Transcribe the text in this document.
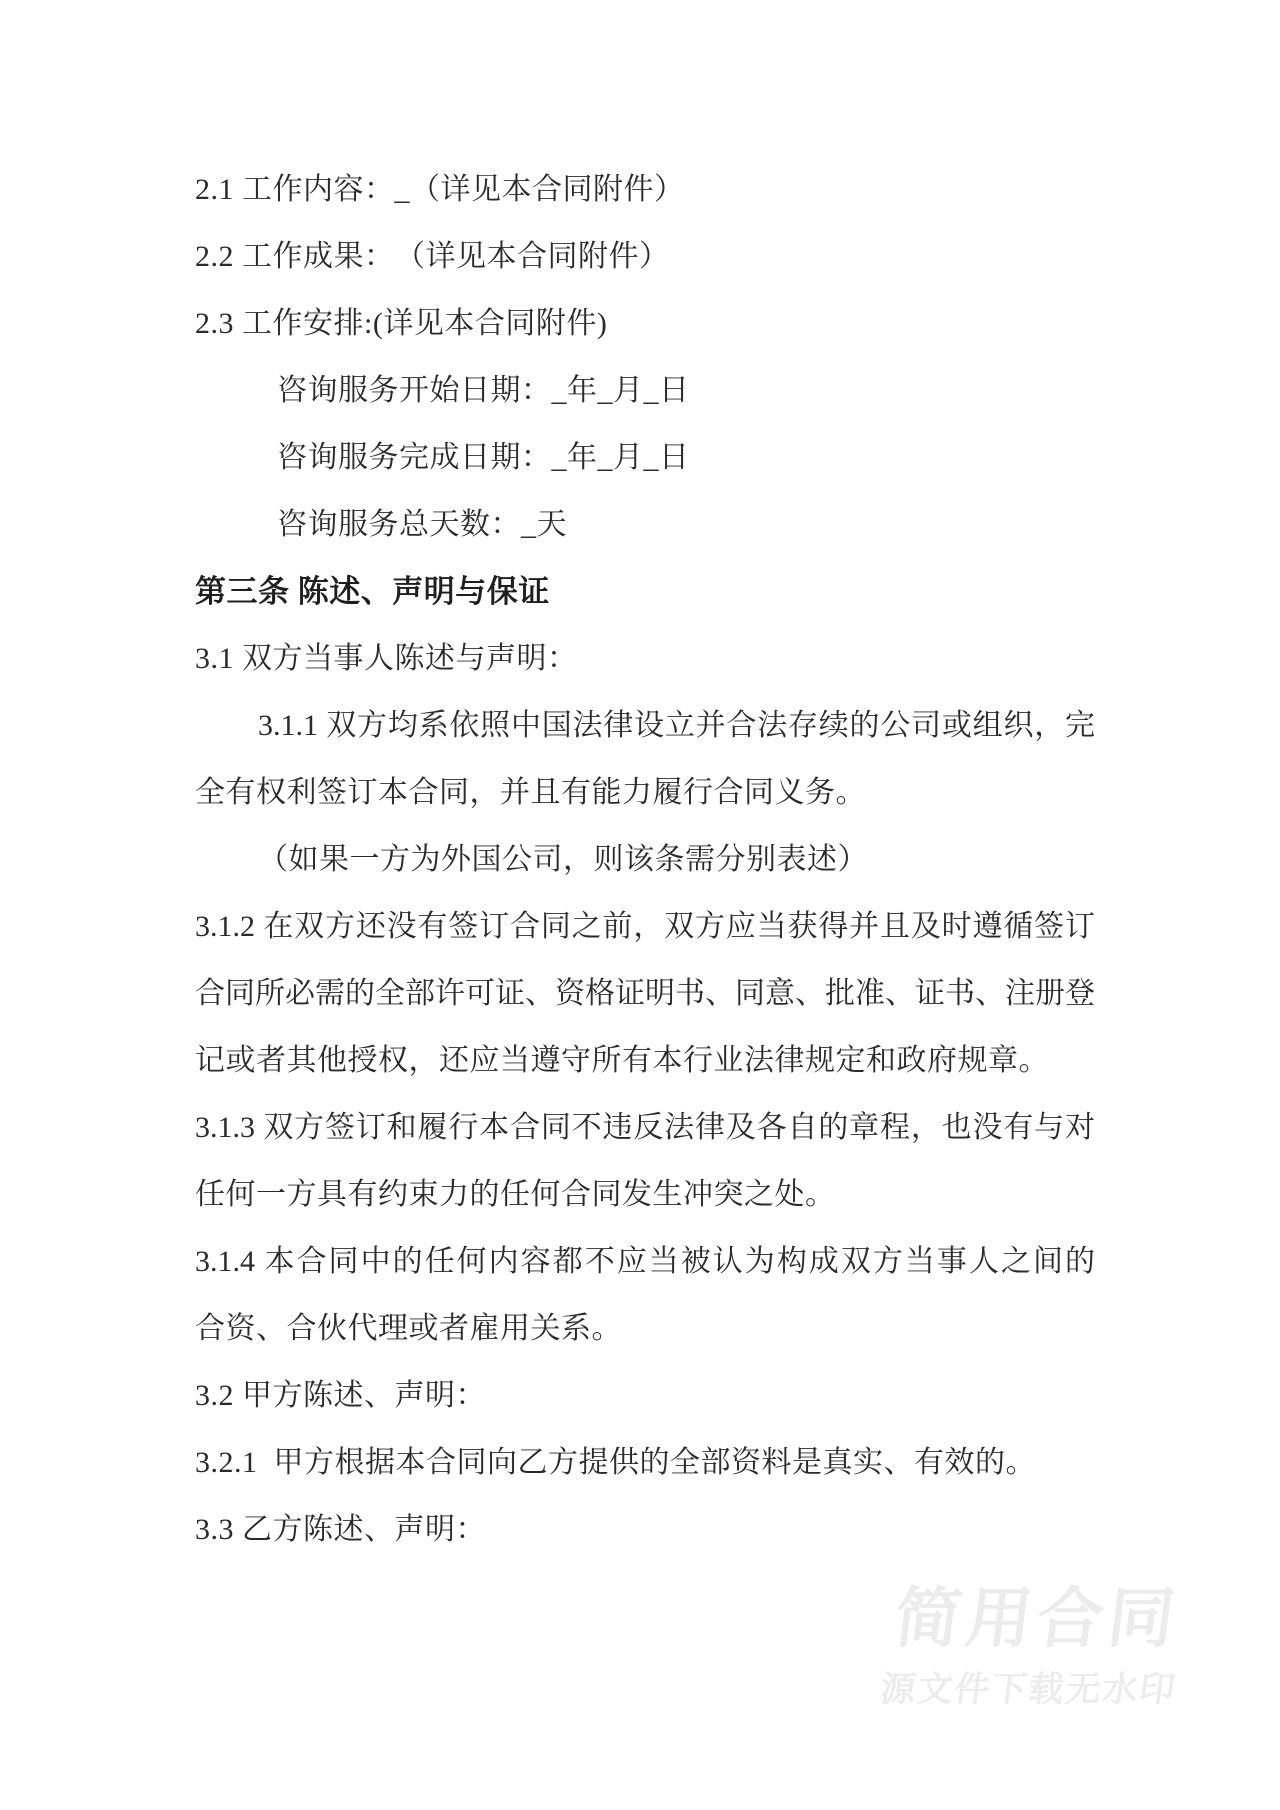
2.1 工作内容：_（详见本合同附件）
2.2 工作成果：　（详见本合同附件）
2.3 工作安排:(详见本合同附件)
咨询服务开始日期：_年_月_日
咨询服务完成日期：_年_月_日
咨询服务总天数：_天
第三条 陈述、声明与保证
3.1 双方当事人陈述与声明：
3.1.1 双方均系依照中国法律设立并合法存续的公司或组织，完
全有权利签订本合同，并且有能力履行合同义务。
（如果一方为外国公司，则该条需分别表述）
3.1.2 在双方还没有签订合同之前，双方应当获得并且及时遵循签订
合同所必需的全部许可证、资格证明书、同意、批准、证书、注册登
记或者其他授权，还应当遵守所有本行业法律规定和政府规章。
3.1.3 双方签订和履行本合同不违反法律及各自的章程，也没有与对
任何一方具有约束力的任何合同发生冲突之处。
3.1.4 本合同中的任何内容都不应当被认为构成双方当事人之间的
合资、合伙代理或者雇用关系。
3.2 甲方陈述、声明：
3.2.1  甲方根据本合同向乙方提供的全部资料是真实、有效的。
3.3 乙方陈述、声明：
简用合同
源文件下载无水印
